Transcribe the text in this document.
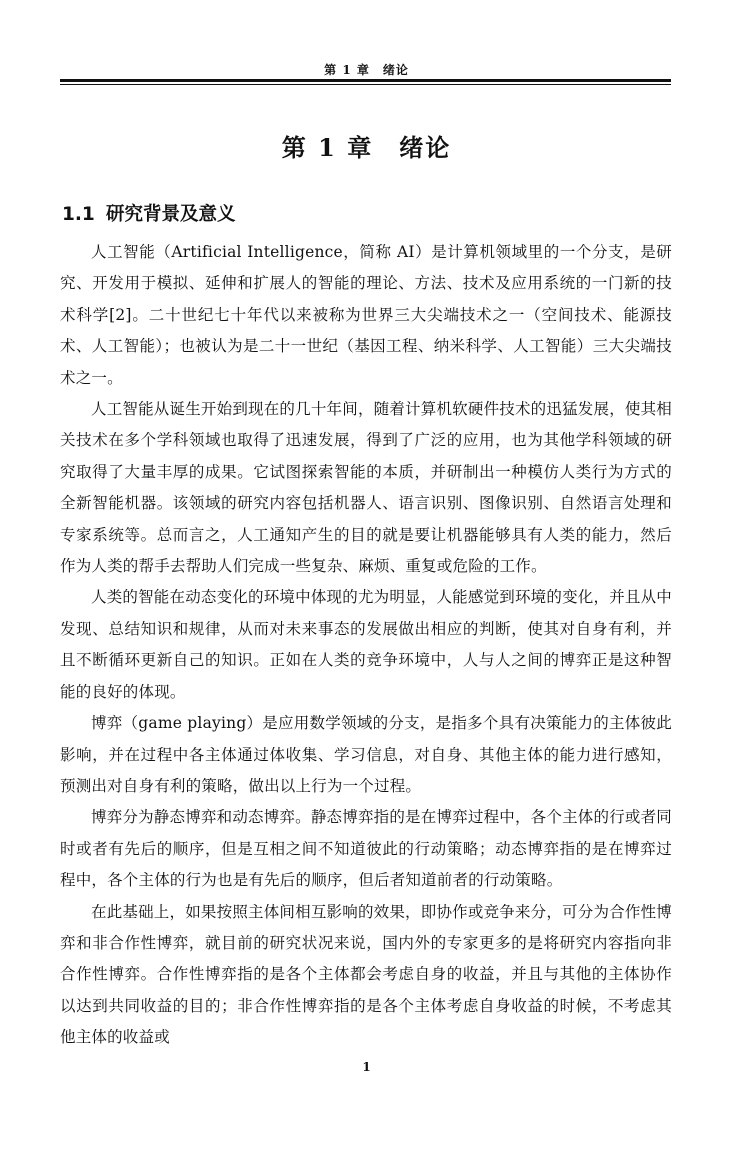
第 1 章　绪论
第 1 章　绪论
1.1 研究背景及意义

人工智能（Artificial Intelligence，简称 AI）是计算机领域里的一个分支，是研究、开发用于模拟、延伸和扩展人的智能的理论、方法、技术及应用系统的一门新的技术科学[2]。二十世纪七十年代以来被称为世界三大尖端技术之一（空间技术、能源技术、人工智能）；也被认为是二十一世纪（基因工程、纳米科学、人工智能）三大尖端技术之一。

人工智能从诞生开始到现在的几十年间，随着计算机软硬件技术的迅猛发展，使其相关技术在多个学科领域也取得了迅速发展，得到了广泛的应用，也为其他学科领域的研究取得了大量丰厚的成果。它试图探索智能的本质，并研制出一种模仿人类行为方式的全新智能机器。该领域的研究内容包括机器人、语言识别、图像识别、自然语言处理和专家系统等。总而言之，人工通知产生的目的就是要让机器能够具有人类的能力，然后作为人类的帮手去帮助人们完成一些复杂、麻烦、重复或危险的工作。

人类的智能在动态变化的环境中体现的尤为明显，人能感觉到环境的变化，并且从中发现、总结知识和规律，从而对未来事态的发展做出相应的判断，使其对自身有利，并且不断循环更新自己的知识。正如在人类的竞争环境中，人与人之间的博弈正是这种智能的良好的体现。

博弈（game playing）是应用数学领域的分支，是指多个具有决策能力的主体彼此影响，并在过程中各主体通过体收集、学习信息，对自身、其他主体的能力进行感知，预测出对自身有利的策略，做出以上行为一个过程。

博弈分为静态博弈和动态博弈。静态博弈指的是在博弈过程中，各个主体的行或者同时或者有先后的顺序，但是互相之间不知道彼此的行动策略；动态博弈指的是在博弈过程中，各个主体的行为也是有先后的顺序，但后者知道前者的行动策略。

在此基础上，如果按照主体间相互影响的效果，即协作或竞争来分，可分为合作性博弈和非合作性博弈，就目前的研究状况来说，国内外的专家更多的是将研究内容指向非合作性博弈。合作性博弈指的是各个主体都会考虑自身的收益，并且与其他的主体协作以达到共同收益的目的；非合作性博弈指的是各个主体考虑自身收益的时候，不考虑其他主体的收益或

1
